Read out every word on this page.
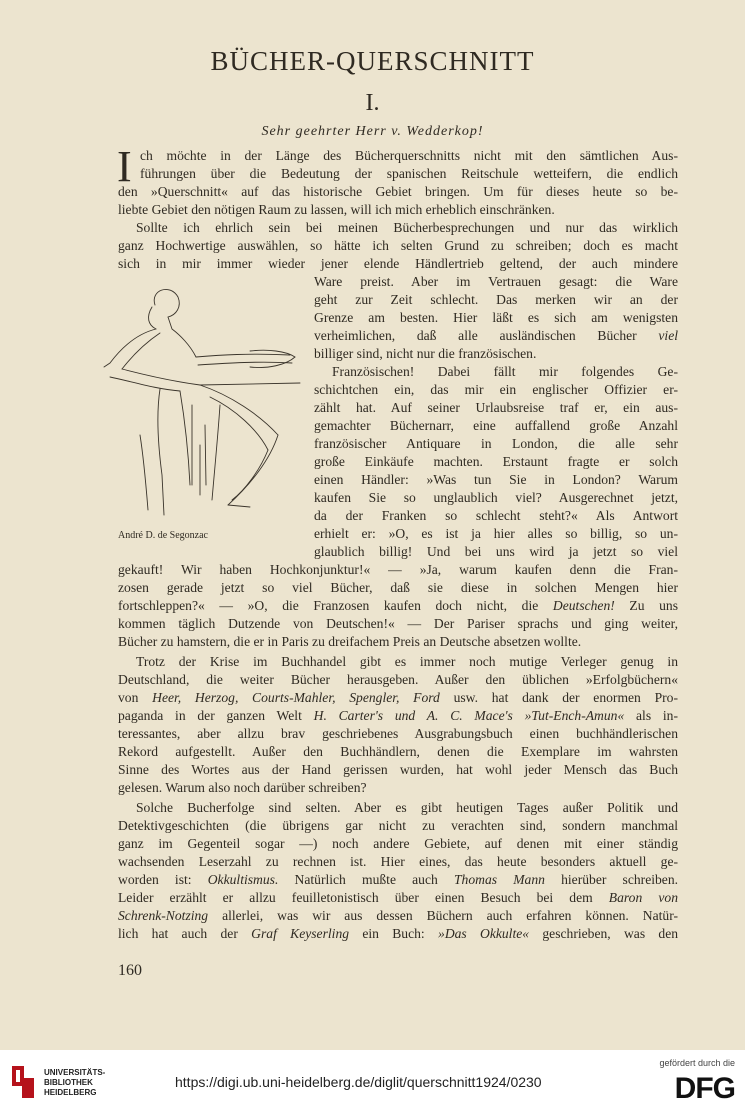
BÜCHER-QUERSCHNITT
I.
Sehr geehrter Herr v. Wedderkop!
I ch möchte in der Länge des Bücherquerschnitts nicht mit den sämtlichen Aus-
führungen über die Bedeutung der spanischen Reitschule wetteifern, die endlich
den »Querschnitt« auf das historische Gebiet bringen. Um für dieses heute so be-
liebte Gebiet den nötigen Raum zu lassen, will ich mich erheblich einschränken.
Sollte ich ehrlich sein bei meinen Bücherbesprechungen und nur das wirklich
ganz Hochwertige auswählen, so hätte ich selten Grund zu schreiben; doch es macht
sich in mir immer wieder jener elende Händlertrieb geltend, der auch mindere
Ware preist. Aber im Vertrauen gesagt: die Ware
geht zur Zeit schlecht. Das merken wir an der
Grenze am besten. Hier läßt es sich am wenigsten
verheimlichen, daß alle ausländischen Bücher viel
billiger sind, nicht nur die französischen.
Französischen! Dabei fällt mir folgendes Ge-
schichtchen ein, das mir ein englischer Offizier er-
zählt hat. Auf seiner Urlaubsreise traf er, ein aus-
gemachter Büchernarr, eine auffallend große Anzahl
französischer Antiquare in London, die alle sehr
große Einkäufe machten. Erstaunt fragte er solch
einen Händler: »Was tun Sie in London? Warum
kaufen Sie so unglaublich viel? Ausgerechnet jetzt,
da der Franken so schlecht steht?« Als Antwort
erhielt er: »O, es ist ja hier alles so billig, so un-
glaublich billig! Und bei uns wird ja jetzt so viel
gekauft! Wir haben Hochkonjunktur!« — »Ja, warum kaufen denn die Fran-
zosen gerade jetzt so viel Bücher, daß sie diese in solchen Mengen hier
fortschleppen?« — »O, die Franzosen kaufen doch nicht, die Deutschen! Zu uns
kommen täglich Dutzende von Deutschen!« — Der Pariser sprachs und ging weiter,
Bücher zu hamstern, die er in Paris zu dreifachem Preis an Deutsche absetzen wollte.
Trotz der Krise im Buchhandel gibt es immer noch mutige Verleger genug in
Deutschland, die weiter Bücher herausgeben. Außer den üblichen »Erfolgbüchern«
von Heer, Herzog, Courts-Mahler, Spengler, Ford usw. hat dank der enormen Pro-
paganda in der ganzen Welt H. Carter's und A. C. Mace's »Tut-Ench-Amun« als in-
teressantes, aber allzu brav geschriebenes Ausgrabungsbuch einen buchhändlerischen
Rekord aufgestellt. Außer den Buchhändlern, denen die Exemplare im wahrsten
Sinne des Wortes aus der Hand gerissen wurden, hat wohl jeder Mensch das Buch
gelesen. Warum also noch darüber schreiben?
Solche Bucherfolge sind selten. Aber es gibt heutigen Tages außer Politik und
Detektivgeschichten (die übrigens gar nicht zu verachten sind, sondern manchmal
ganz im Gegenteil sogar —) noch andere Gebiete, auf denen mit einer ständig
wachsenden Leserzahl zu rechnen ist. Hier eines, das heute besonders aktuell ge-
worden ist: Okkultismus. Natürlich mußte auch Thomas Mann hierüber schreiben.
Leider erzählt er allzu feuilletonistisch über einen Besuch bei dem Baron von
Schrenk-Notzing allerlei, was wir aus dessen Büchern auch erfahren können. Natür-
lich hat auch der Graf Keyserling ein Buch: »Das Okkulte« geschrieben, was den
André D. de Segonzac
160
UNIVERSITÄTS-
BIBLIOTHEK
HEIDELBERG
https://digi.ub.uni-heidelberg.de/diglit/querschnitt1924/0230
gefördert durch die
DFG
